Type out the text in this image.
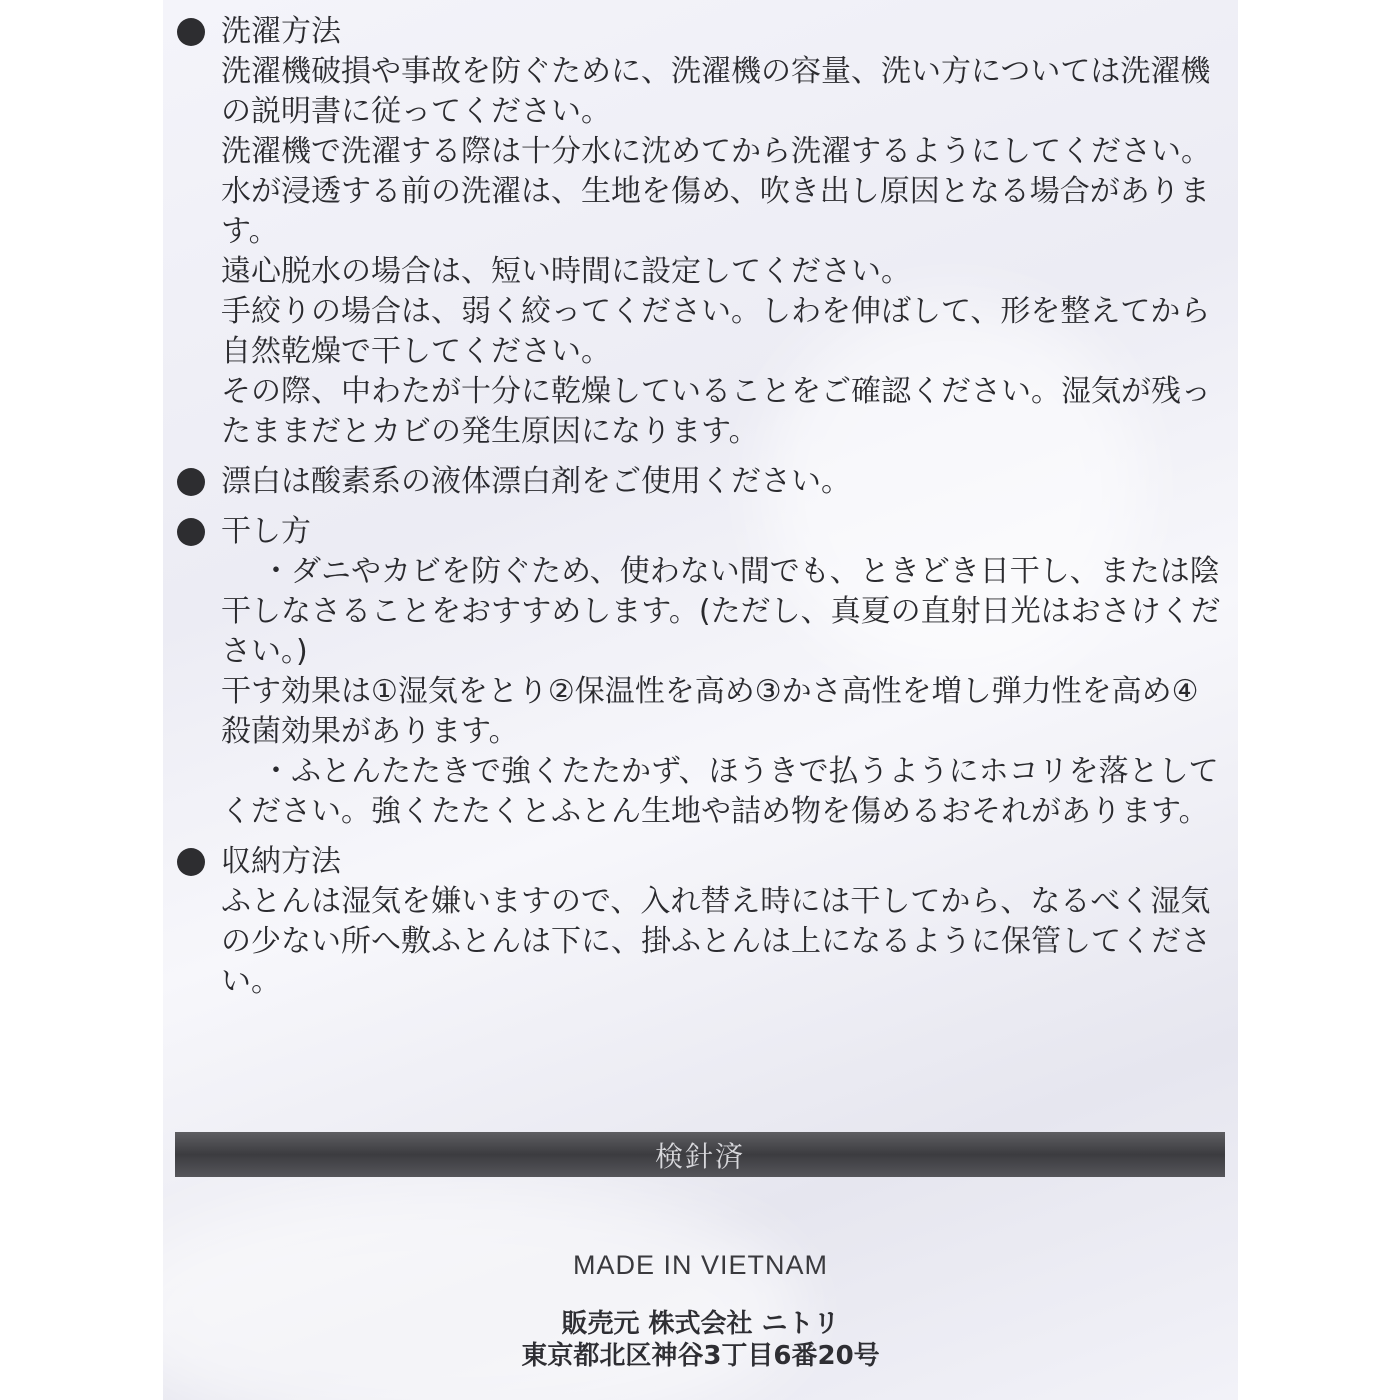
洗濯方法
洗濯機破損や事故を防ぐために、洗濯機の容量、洗い方については洗濯機の説明書に従ってください。
洗濯機で洗濯する際は十分水に沈めてから洗濯するようにしてください。水が浸透する前の洗濯は、生地を傷め、吹き出し原因となる場合があります。
遠心脱水の場合は、短い時間に設定してください。
手絞りの場合は、弱く絞ってください。しわを伸ばして、形を整えてから自然乾燥で干してください。
その際、中わたが十分に乾燥していることをご確認ください。湿気が残ったままだとカビの発生原因になります。
漂白は酸素系の液体漂白剤をご使用ください。
干し方
・ダニやカビを防ぐため、使わない間でも、ときどき日干し、または陰干しなさることをおすすめします。(ただし、真夏の直射日光はおさけください。)
干す効果は①湿気をとり②保温性を高め③かさ高性を増し弾力性を高め④殺菌効果があります。
・ふとんたたきで強くたたかず、ほうきで払うようにホコリを落としてください。強くたたくとふとん生地や詰め物を傷めるおそれがあります。
収納方法
ふとんは湿気を嫌いますので、入れ替え時には干してから、なるべく湿気の少ない所へ敷ふとんは下に、掛ふとんは上になるように保管してください。
検針済
MADE IN VIETNAM
販売元 株式会社 ニトリ
東京都北区神谷3丁目6番20号
